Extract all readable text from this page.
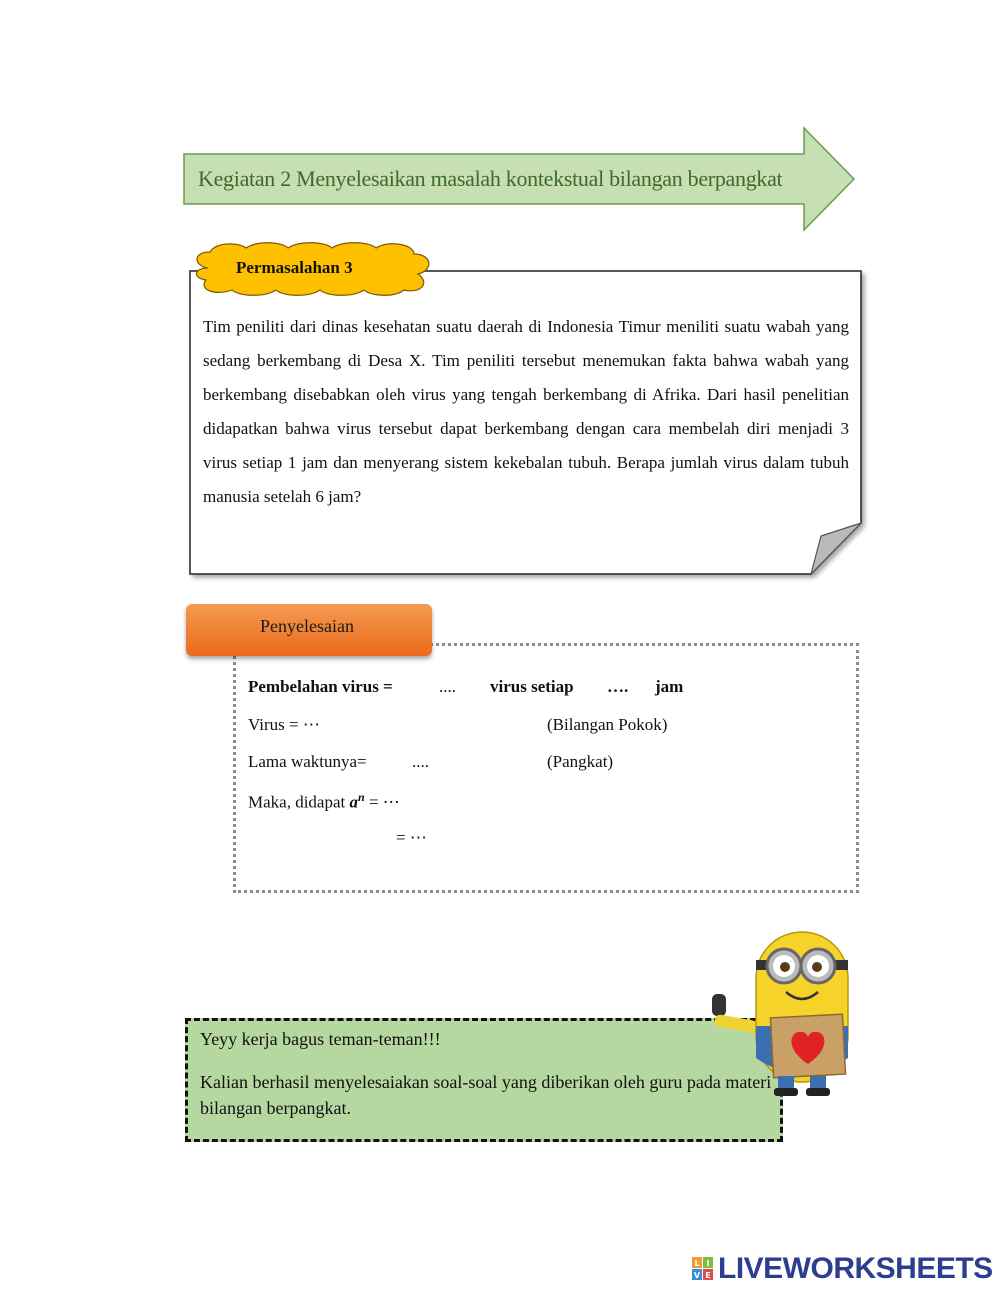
Kegiatan 2 Menyelesaikan masalah kontekstual bilangan berpangkat
Tim peniliti dari dinas kesehatan suatu daerah di Indonesia Timur meniliti suatu wabah yang sedang berkembang di Desa X. Tim peniliti tersebut menemukan fakta bahwa wabah yang berkembang disebabkan oleh virus yang tengah berkembang di Afrika. Dari hasil penelitian didapatkan bahwa virus tersebut dapat berkembang dengan cara membelah diri menjadi 3 virus setiap 1 jam dan menyerang sistem kekebalan tubuh. Berapa jumlah virus dalam tubuh manusia setelah 6 jam?
Permasalahan 3
Penyelesaian
Pembelahan virus =	.... virus setiap …. jam
Virus = ⋯	(Bilangan Pokok)
Lama waktunya=	....	(Pangkat)
Maka, didapat $a^n$ = ⋯
= ⋯
Yeyy kerja bagus teman-teman!!!
Kalian berhasil menyelesaiakan soal-soal yang diberikan oleh guru pada materi bilangan berpangkat.
L I
V E LIVEWORKSHEETS
